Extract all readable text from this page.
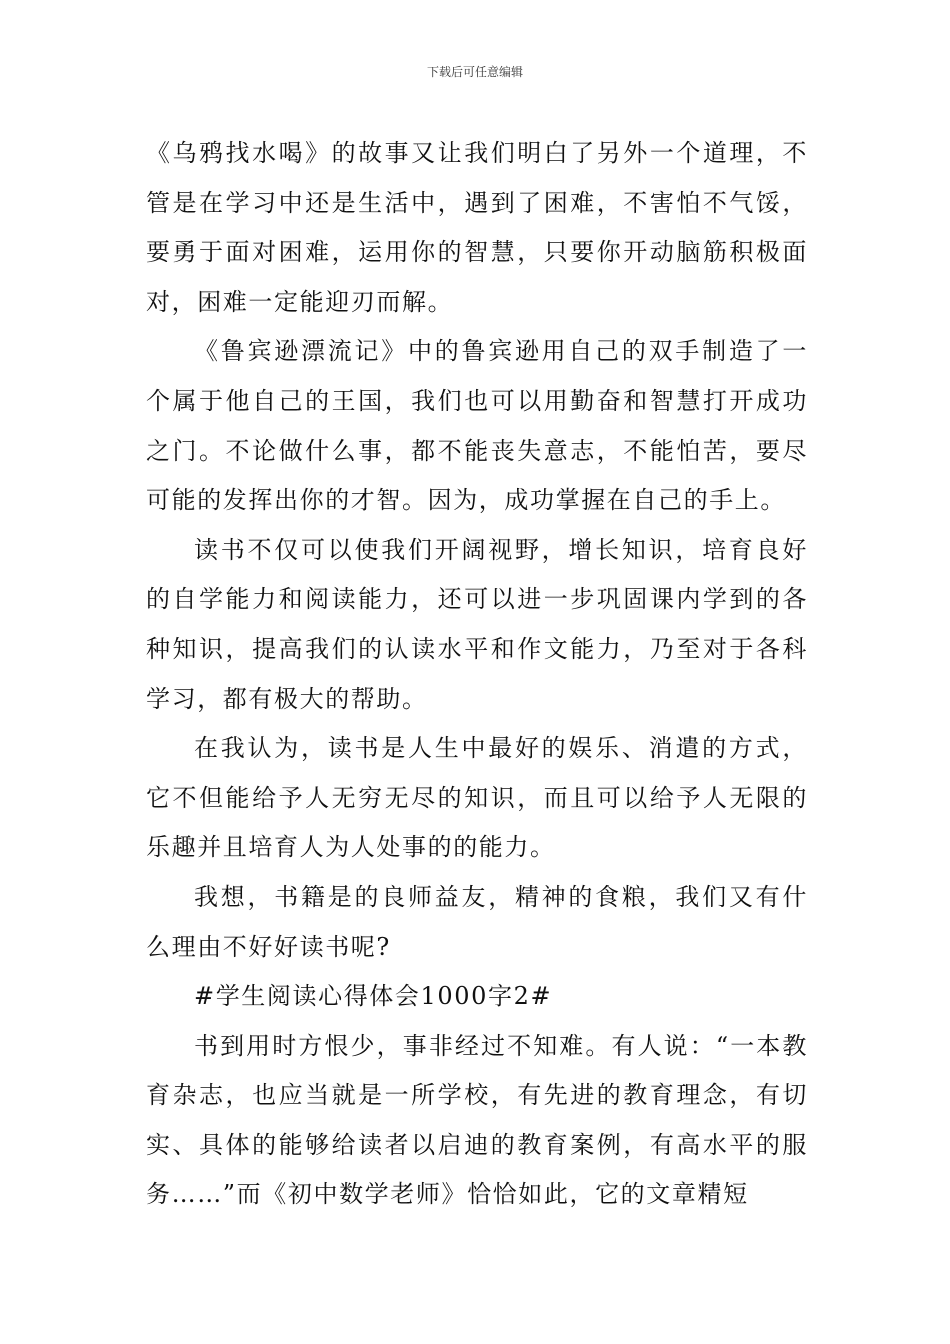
下载后可任意编辑

《乌鸦找水喝》的故事又让我们明白了另外一个道理，不管是在学习中还是生活中，遇到了困难，不害怕不气馁，要勇于面对困难，运用你的智慧，只要你开动脑筋积极面对，困难一定能迎刃而解。

《鲁宾逊漂流记》中的鲁宾逊用自己的双手制造了一个属于他自己的王国，我们也可以用勤奋和智慧打开成功之门。不论做什么事，都不能丧失意志，不能怕苦，要尽可能的发挥出你的才智。因为，成功掌握在自己的手上。

读书不仅可以使我们开阔视野，增长知识，培育良好的自学能力和阅读能力，还可以进一步巩固课内学到的各种知识，提高我们的认读水平和作文能力，乃至对于各科学习，都有极大的帮助。

在我认为，读书是人生中最好的娱乐、消遣的方式，它不但能给予人无穷无尽的知识，而且可以给予人无限的乐趣并且培育人为人处事的的能力。

我想，书籍是的良师益友，精神的食粮，我们又有什么理由不好好读书呢?

#学生阅读心得体会1000字2#

书到用时方恨少，事非经过不知难。有人说：“一本教育杂志，也应当就是一所学校，有先进的教育理念，有切实、具体的能够给读者以启迪的教育案例，有高水平的服务……”而《初中数学老师》恰恰如此，它的文章精短
